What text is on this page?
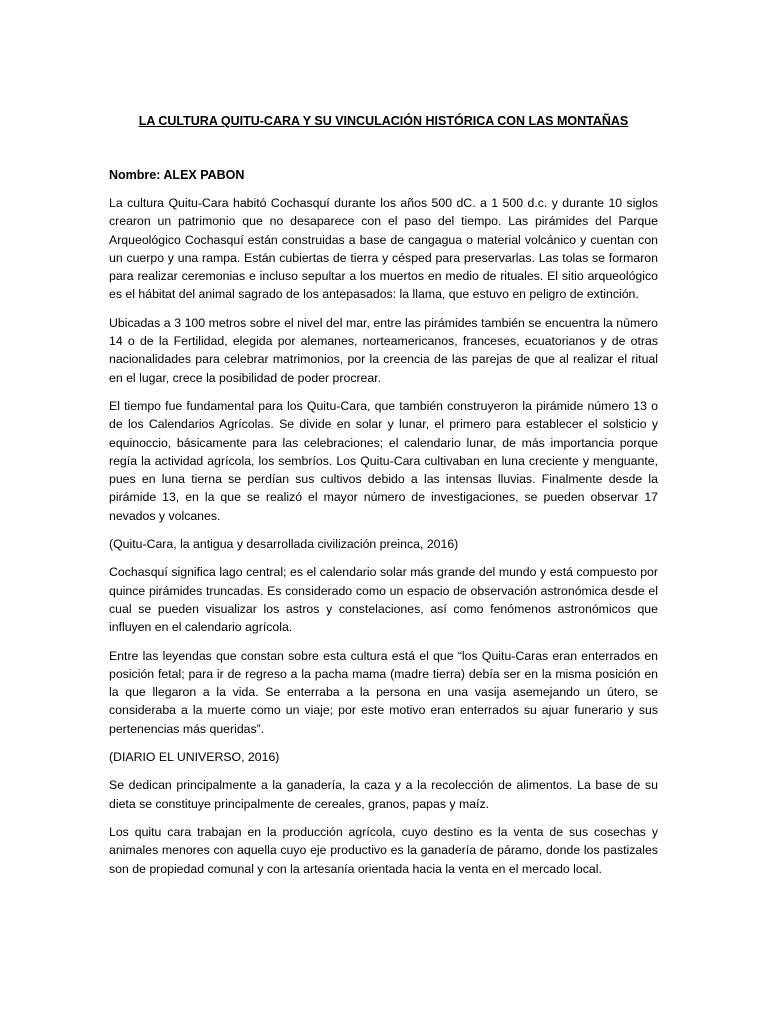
LA CULTURA QUITU-CARA Y SU VINCULACIÓN HISTÓRICA CON LAS MONTAÑAS

Nombre: ALEX PABON

La cultura Quitu-Cara habitó Cochasquí durante los años 500 dC. a 1 500 d.c. y durante 10 siglos crearon un patrimonio que no desaparece con el paso del tiempo. Las pirámides del Parque Arqueológico Cochasquí están construidas a base de cangagua o material volcánico y cuentan con un cuerpo y una rampa. Están cubiertas de tierra y césped para preservarlas. Las tolas se formaron para realizar ceremonias e incluso sepultar a los muertos en medio de rituales. El sitio arqueológico es el hábitat del animal sagrado de los antepasados: la llama, que estuvo en peligro de extinción.

Ubicadas a 3 100 metros sobre el nivel del mar, entre las pirámides también se encuentra la número 14 o de la Fertilidad, elegida por alemanes, norteamericanos, franceses, ecuatorianos y de otras nacionalidades para celebrar matrimonios, por la creencia de las parejas de que al realizar el ritual en el lugar, crece la posibilidad de poder procrear.

El tiempo fue fundamental para los Quitu-Cara, que también construyeron la pirámide número 13 o de los Calendarios Agrícolas. Se divide en solar y lunar, el primero para establecer el solsticio y equinoccio, básicamente para las celebraciones; el calendario lunar, de más importancia porque regía la actividad agrícola, los sembríos. Los Quitu-Cara cultivaban en luna creciente y menguante, pues en luna tierna se perdían sus cultivos debido a las intensas lluvias. Finalmente desde la pirámide 13, en la que se realizó el mayor número de investigaciones, se pueden observar 17 nevados y volcanes.

(Quitu-Cara, la antigua y desarrollada civilización preinca, 2016)

Cochasquí significa lago central; es el calendario solar más grande del mundo y está compuesto por quince pirámides truncadas. Es considerado como un espacio de observación astronómica desde el cual se pueden visualizar los astros y constelaciones, así como fenómenos astronómicos que influyen en el calendario agrícola.

Entre las leyendas que constan sobre esta cultura está el que “los Quitu-Caras eran enterrados en posición fetal; para ir de regreso a la pacha mama (madre tierra) debía ser en la misma posición en la que llegaron a la vida. Se enterraba a la persona en una vasija asemejando un útero, se consideraba a la muerte como un viaje; por este motivo eran enterrados su ajuar funerario y sus pertenencias más queridas”.

(DIARIO EL UNIVERSO, 2016)

Se dedican principalmente a la ganadería, la caza y a la recolección de alimentos. La base de su dieta se constituye principalmente de cereales, granos, papas y maíz.

Los quitu cara trabajan en la producción agrícola, cuyo destino es la venta de sus cosechas y animales menores con aquella cuyo eje productivo es la ganadería de páramo, donde los pastizales son de propiedad comunal y con la artesanía orientada hacia la venta en el mercado local.
